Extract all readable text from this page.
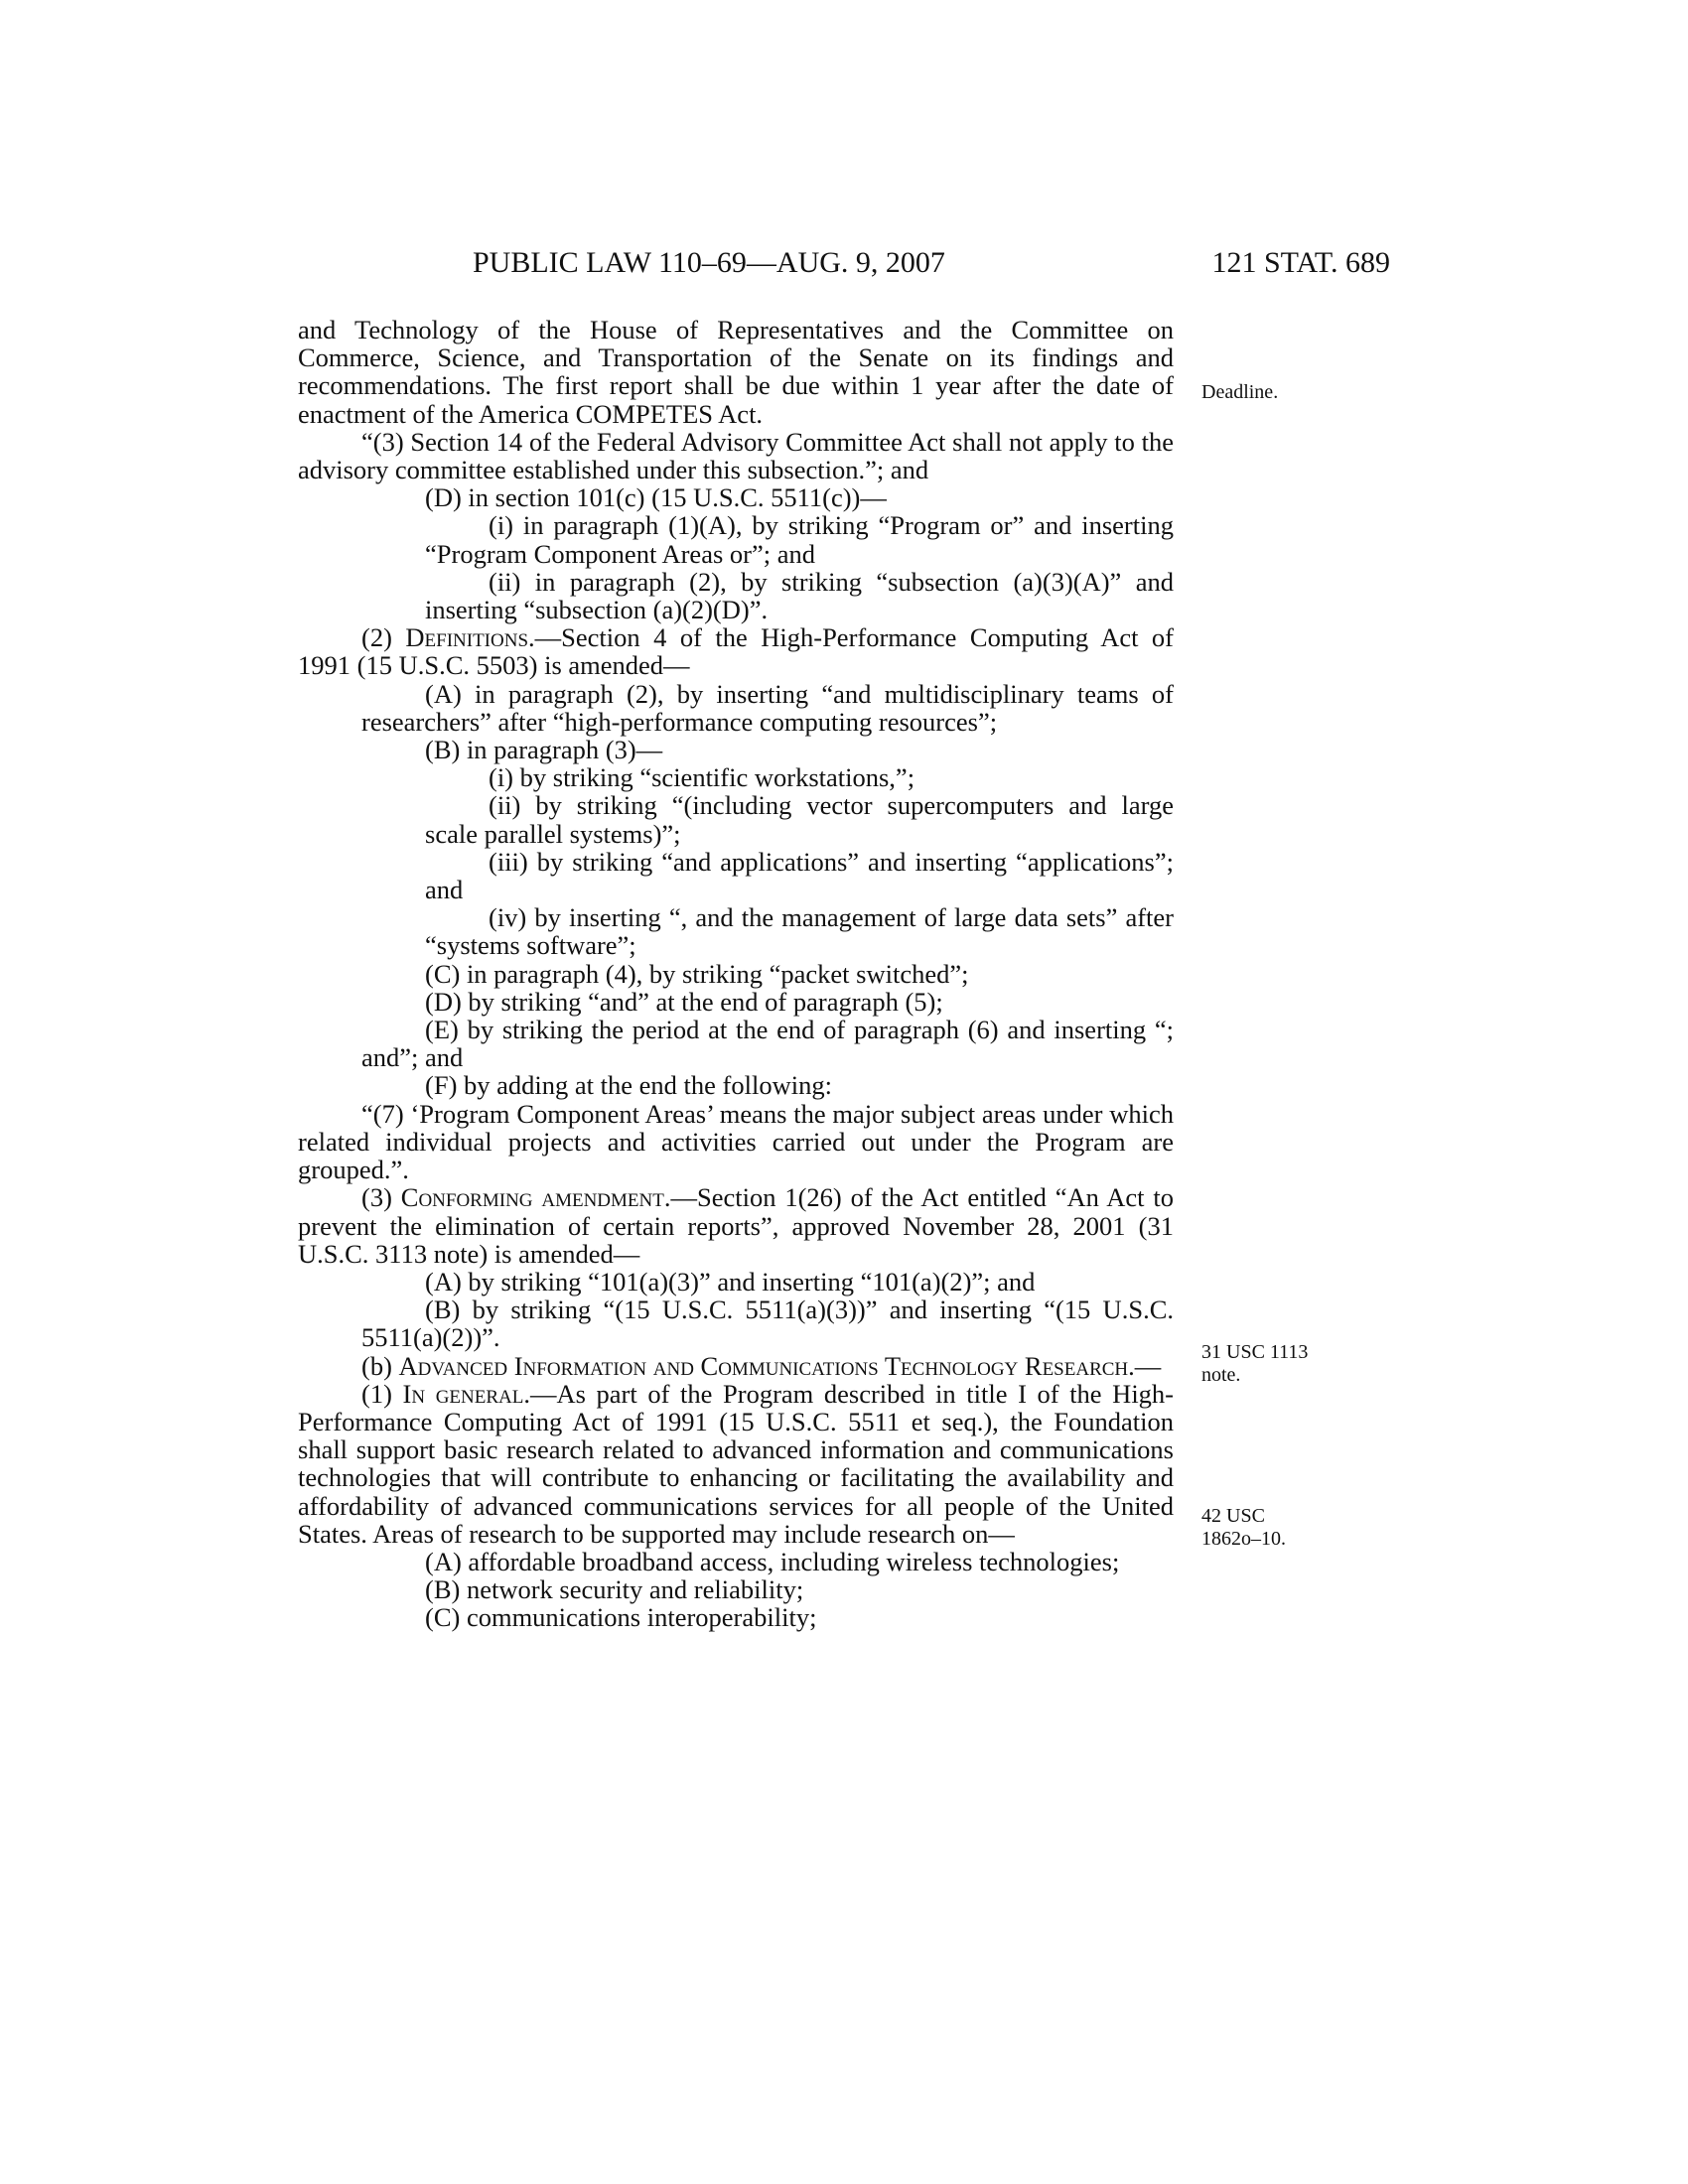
PUBLIC LAW 110–69—AUG. 9, 2007	121 STAT. 689

and Technology of the House of Representatives and the Committee on Commerce, Science, and Transportation of the Senate on its findings and recommendations. The first report shall be due within 1 year after the date of enactment of the America COMPETES Act.

“(3) Section 14 of the Federal Advisory Committee Act shall not apply to the advisory committee established under this subsection.”; and

(D) in section 101(c) (15 U.S.C. 5511(c))—

(i) in paragraph (1)(A), by striking “Program or” and inserting “Program Component Areas or”; and

(ii) in paragraph (2), by striking “subsection (a)(3)(A)” and inserting “subsection (a)(2)(D)”.

(2) Definitions.—Section 4 of the High-Performance Computing Act of 1991 (15 U.S.C. 5503) is amended—

(A) in paragraph (2), by inserting “and multidisciplinary teams of researchers” after “high-performance computing resources”;

(B) in paragraph (3)—

(i) by striking “scientific workstations,”;

(ii) by striking “(including vector supercomputers and large scale parallel systems)”;

(iii) by striking “and applications” and inserting “applications”; and

(iv) by inserting “, and the management of large data sets” after “systems software”;

(C) in paragraph (4), by striking “packet switched”;

(D) by striking “and” at the end of paragraph (5);

(E) by striking the period at the end of paragraph (6) and inserting “; and”; and

(F) by adding at the end the following:

“(7) ‘Program Component Areas’ means the major subject areas under which related individual projects and activities carried out under the Program are grouped.”.

(3) Conforming amendment.—Section 1(26) of the Act entitled “An Act to prevent the elimination of certain reports”, approved November 28, 2001 (31 U.S.C. 3113 note) is amended—

(A) by striking “101(a)(3)” and inserting “101(a)(2)”; and

(B) by striking “(15 U.S.C. 5511(a)(3))” and inserting “(15 U.S.C. 5511(a)(2))”.

(b) Advanced Information and Communications Technology Research.—

(1) In general.—As part of the Program described in title I of the High-Performance Computing Act of 1991 (15 U.S.C. 5511 et seq.), the Foundation shall support basic research related to advanced information and communications technologies that will contribute to enhancing or facilitating the availability and affordability of advanced communications services for all people of the United States. Areas of research to be supported may include research on—

(A) affordable broadband access, including wireless technologies;

(B) network security and reliability;

(C) communications interoperability;

Deadline.
31 USC 1113 note.
42 USC 1862o–10.
